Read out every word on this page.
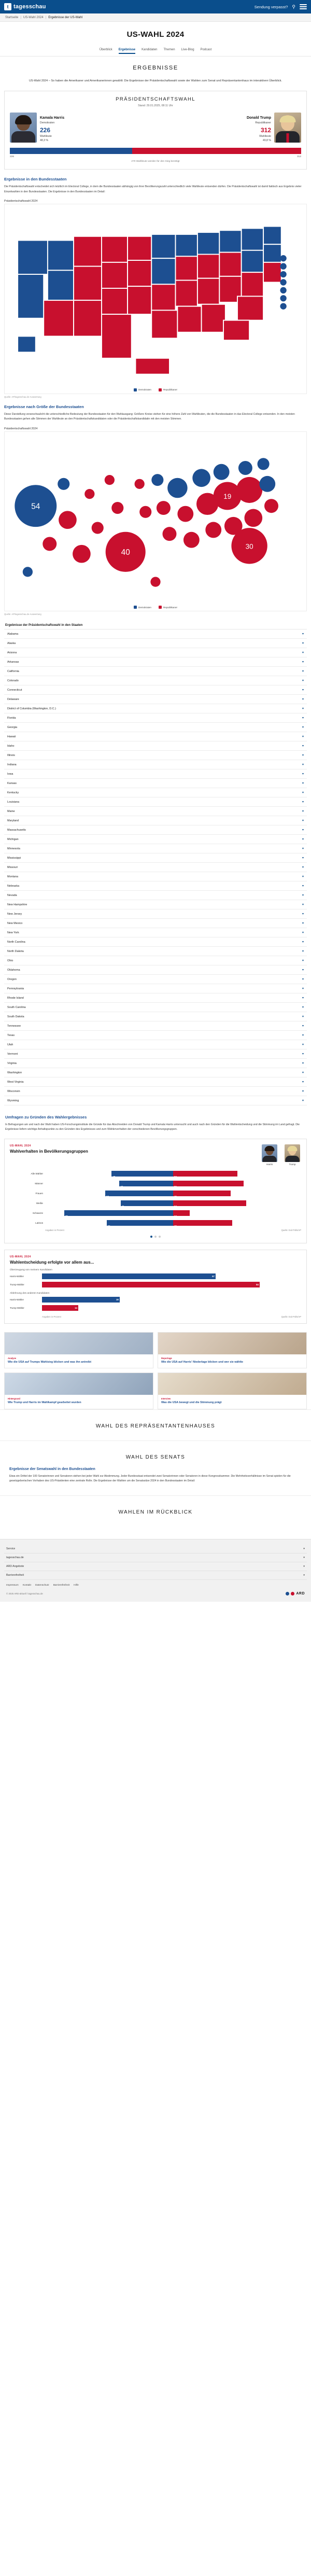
t tagesschau	Sendung verpasst? ⚲
Startseite | US-Wahl 2024 | Ergebnisse der US-Wahl
US-WAHL 2024
Überblick Ergebnisse Kandidaten Themen Live-Blog Podcast
ERGEBNISSE

US-Wahl 2024 – So haben die Amerikaner und Amerikanerinnen gewählt: Die Ergebnisse der Präsidentschaftswahl sowie der Wahlen zum Senat und Repräsentantenhaus im interaktiven Überblick.

PRÄSIDENTSCHAFTSWAHL
Stand: 29.01.2025, 08:11 Uhr
Kamala Harris
Demokraten
226
Wahlleute
48,3 %
Donald Trump
Republikaner
312
Wahlleute
49,8 %
226	312
270 Wahlleute werden für den Sieg benötigt
Ergebnisse in den Bundesstaaten

Die Präsidentschaftswahl entscheidet sich letztlich im Electoral College, in dem die Bundesstaaten abhängig von ihrer Bevölkerungszahl unterschiedlich viele Wahlleute entsenden dürfen. Die Präsidentschaftswahl ist damit faktisch aus Ergebnis vieler Einzelwahlen in den Bundesstaaten. Die Ergebnisse in den Bundesstaaten im Detail:

Präsidentschaftswahl 2024
Demokraten	Republikaner
Quelle: AP/tagesschau.de-Auswertung
Ergebnisse nach Größe der Bundesstaaten

Diese Darstellung veranschaulicht die unterschiedliche Bedeutung der Bundesstaaten für den Wahlausgang: Größere Kreise stehen für eine höhere Zahl von Wahlleuten, die die Bundesstaaten in das Electoral College entsenden. In den meisten Bundesstaaten gehen alle Stimmen der Wahlleute an den Präsidentschaftskandidaten oder die Präsidentschaftskandidatin mit den meisten Stimmen.

Präsidentschaftswahl 2024
54
40
19
30
Demokraten	Republikaner
Quelle: AP/tagesschau.de-Auswertung
Ergebnisse der Präsidentschaftswahl in den Staaten
Alabama	▾
Alaska	▾
Arizona	▾
Arkansas	▾
California	▾
Colorado	▾
Connecticut	▾
Delaware	▾
District of Columbia (Washington, D.C.)	▾
Florida	▾
Georgia	▾
Hawaii	▾
Idaho	▾
Illinois	▾
Indiana	▾
Iowa	▾
Kansas	▾
Kentucky	▾
Louisiana	▾
Maine	▾
Maryland	▾
Massachusetts	▾
Michigan	▾
Minnesota	▾
Mississippi	▾
Missouri	▾
Montana	▾
Nebraska	▾
Nevada	▾
New Hampshire	▾
New Jersey	▾
New Mexico	▾
New York	▾
North Carolina	▾
North Dakota	▾
Ohio	▾
Oklahoma	▾
Oregon	▾
Pennsylvania	▾
Rhode Island	▾
South Carolina	▾
South Dakota	▾
Tennessee	▾
Texas	▾
Utah	▾
Vermont	▾
Virginia	▾
Washington	▾
West Virginia	▾
Wisconsin	▾
Wyoming	▾
Umfragen zu Gründen des Wahlergebnisses

In Befragungen am und nach der Wahl haben US-Forschungsinstitute die Gründe für das Abschneiden von Donald Trump und Kamala Harris untersucht und auch nach den Gründen für die Wahlentscheidung und die Stimmung im Land gefragt. Die Ergebnisse liefern wichtige Anhaltspunkte zu den Gründen des Ergebnisses und zum Wählerverhalten der verschiedenen Bevölkerungsgruppen.

US-WAHL 2024
Wahlverhalten in Bevölkerungsgruppen
Harris	Trump
Alle Wähler
48	50
Männer
42	55
Frauen
53	45
Weiße
41	57
Schwarze
85	13
Latinos
52	46
Angaben in Prozent	Quelle: Exit Polls/AP
US-WAHL 2024
Wahlentscheidung erfolgte vor allem aus...
Überzeugung von meinem Kandidaten
Harris-Wähler	67
Trump-Wähler	84
Ablehnung des anderen Kandidaten
Harris-Wähler	30
Trump-Wähler	14
Angaben in Prozent	Quelle: Exit Polls/AP
Analyse
Wie die USA auf Trumps Wahlsieg blicken und was ihn antreibt
Reportage
Wie die USA auf Harris' Niederlage blicken und wer sie wählte
Hintergrund
Wie Trump und Harris im Wahlkampf gearbeitet wurden
Interview
Was die USA bewegt und die Stimmung prägt
WAHL DES REPRÄSENTANTENHAUSES
WAHL DES SENATS
Ergebnisse der Senatswahl in den Bundesstaaten

Etwa ein Drittel der 100 Senatorinnen und Senatoren stehen bei jeder Wahl zur Abstimmung. Jeder Bundesstaat entsendet zwei Senatorinnen oder Senatoren in diese Kongresskammer. Die Mehrheitsverhältnisse im Senat spielen für die gesetzgeberischen Vorhaben des US-Präsidenten eine zentrale Rolle. Die Ergebnisse der Wahlen um die Senatssitze 2024 in den Bundesstaaten im Detail:

WAHLEN IM RÜCKBLICK
Service	▾
tagesschau.de	▾
ARD Angebote	▾
Barrierefreiheit	▾
Impressum Kontakt Datenschutz Barrierefreiheit Hilfe
© 2025 ARD-aktuell / tagesschau.de	ARD
